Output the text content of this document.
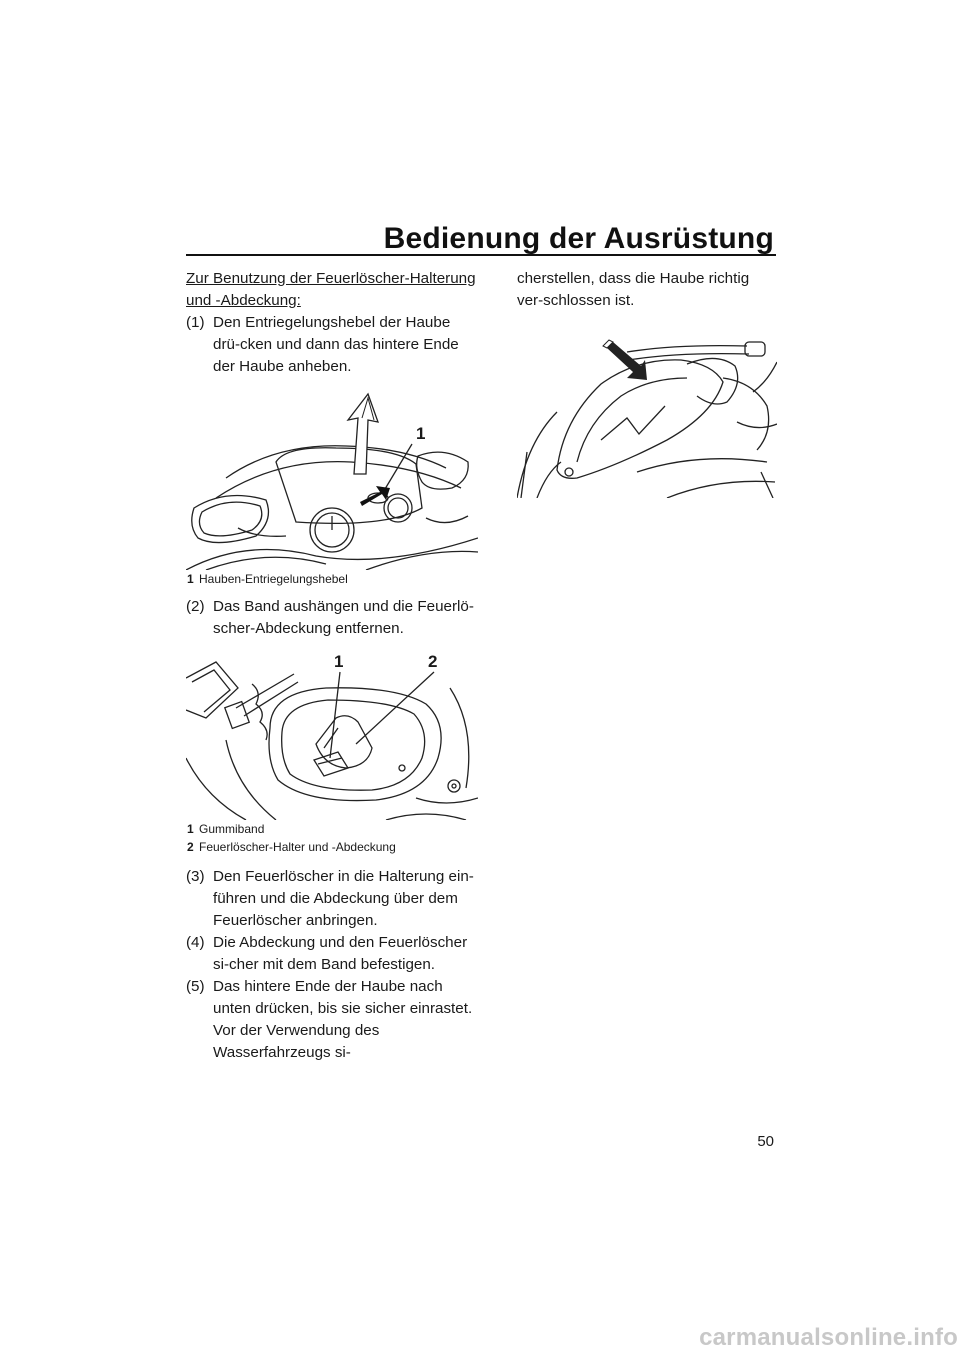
Bedienung der Ausrüstung

Zur Benutzung der Feuerlöscher-Halterung
und -Abdeckung:

(1) Den Entriegelungshebel der Haube drü-cken und dann das hintere Ende der Haube anheben.
1

1 Hauben-Entriegelungshebel

(2) Das Band aushängen und die Feuerlö-scher-Abdeckung entfernen.
1	2

1 Gummiband

2 Feuerlöscher-Halter und -Abdeckung

(3) Den Feuerlöscher in die Halterung ein-führen und die Abdeckung über dem Feuerlöscher anbringen.
(4) Die Abdeckung und den Feuerlöscher si-cher mit dem Band befestigen.
(5) Das hintere Ende der Haube nach unten drücken, bis sie sicher einrastet. Vor der Verwendung des Wasserfahrzeugs si-

cherstellen, dass die Haube richtig ver-schlossen ist.

50

carmanualsonline.info
